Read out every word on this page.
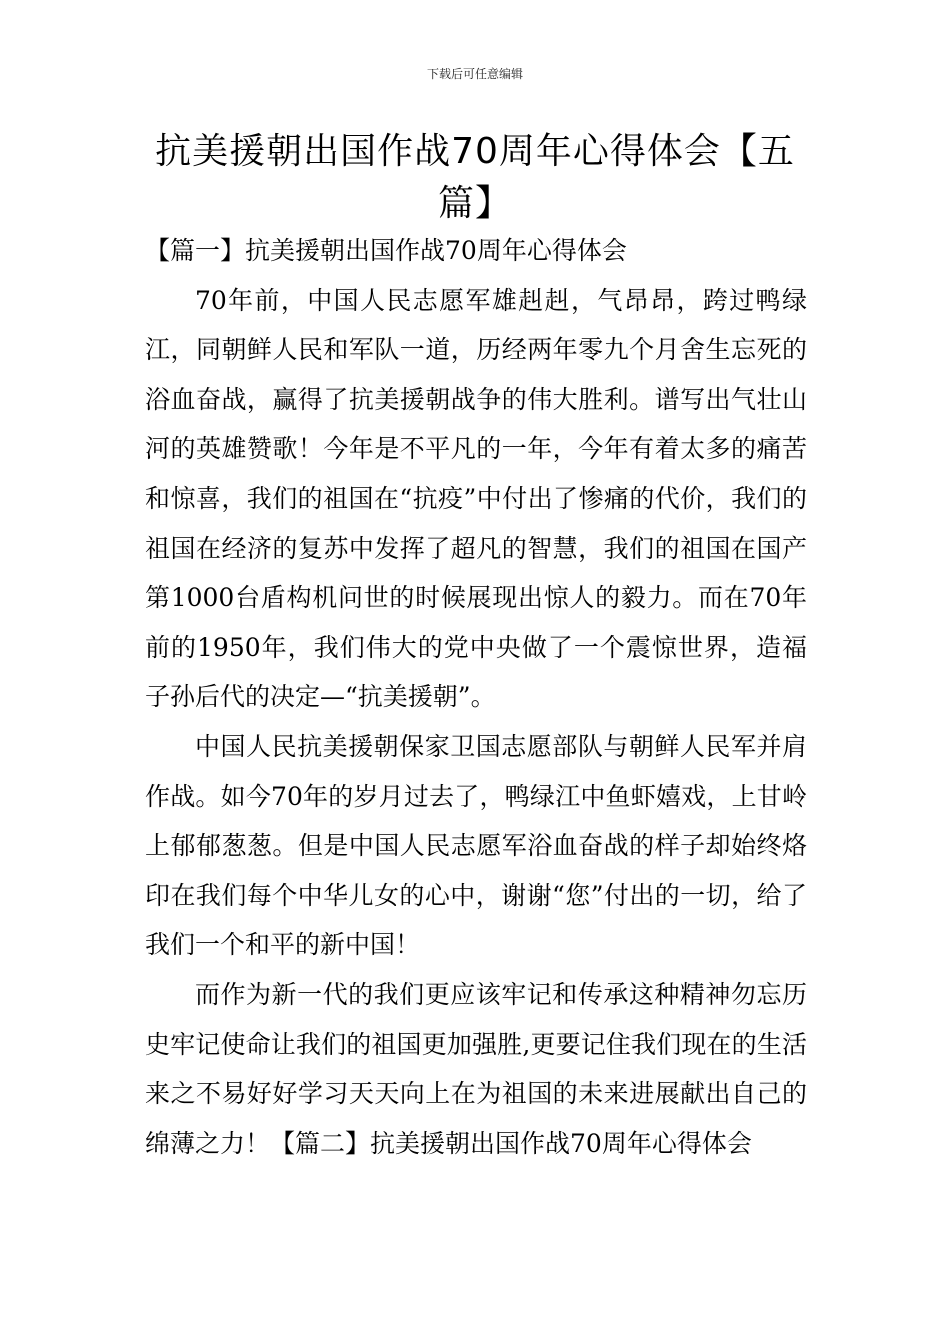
下载后可任意编辑
抗美援朝出国作战70周年心得体会【五篇】

【篇一】抗美援朝出国作战70周年心得体会

70年前，中国人民志愿军雄赳赳，气昂昂，跨过鸭绿江，同朝鲜人民和军队一道，历经两年零九个月舍生忘死的浴血奋战，赢得了抗美援朝战争的伟大胜利。谱写出气壮山河的英雄赞歌！今年是不平凡的一年，今年有着太多的痛苦和惊喜，我们的祖国在“抗疫”中付出了惨痛的代价，我们的祖国在经济的复苏中发挥了超凡的智慧，我们的祖国在国产第1000台盾构机问世的时候展现出惊人的毅力。而在70年前的1950年，我们伟大的党中央做了一个震惊世界，造福子孙后代的决定—“抗美援朝”。

中国人民抗美援朝保家卫国志愿部队与朝鲜人民军并肩作战。如今70年的岁月过去了，鸭绿江中鱼虾嬉戏，上甘岭上郁郁葱葱。但是中国人民志愿军浴血奋战的样子却始终烙印在我们每个中华儿女的心中，谢谢“您”付出的一切，给了我们一个和平的新中国！

而作为新一代的我们更应该牢记和传承这种精神勿忘历史牢记使命让我们的祖国更加强胜,更要记住我们现在的生活来之不易好好学习天天向上在为祖国的未来进展献出自己的绵薄之力！【篇二】抗美援朝出国作战70周年心得体会
